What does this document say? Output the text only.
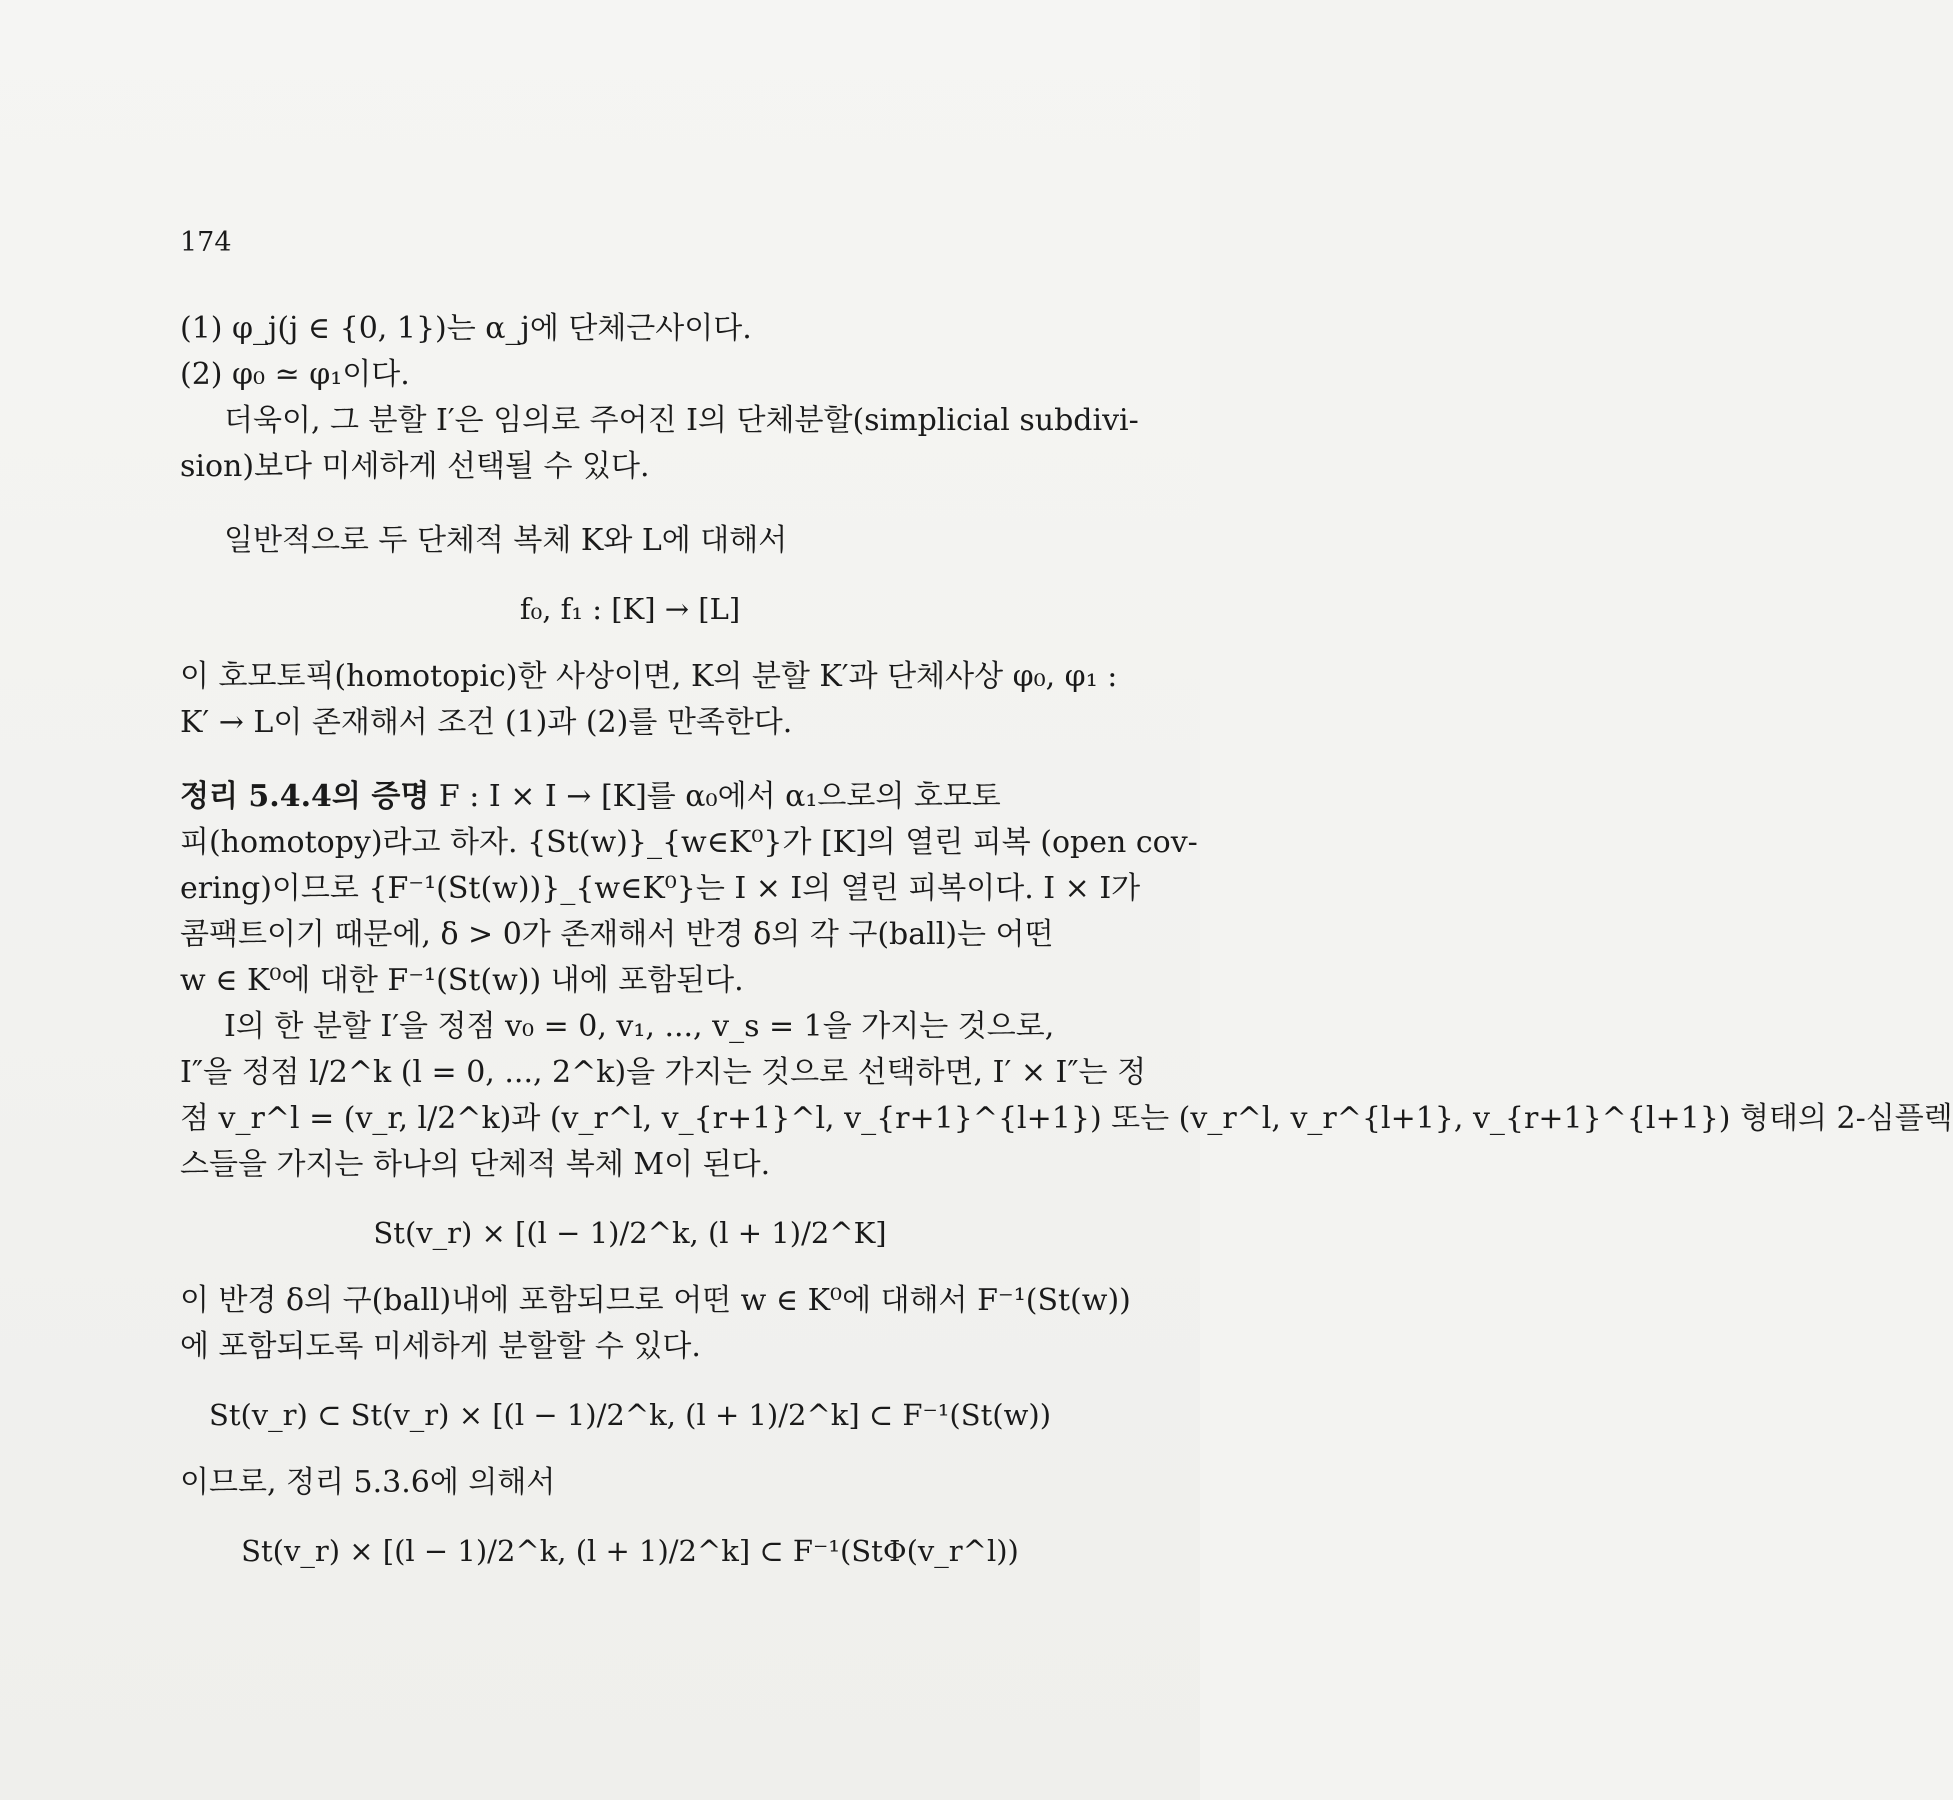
174
(1) φ_j(j ∈ {0, 1})는 α_j에 단체근사이다.
(2) φ₀ ≃ φ₁이다.
더욱이, 그 분할 I′은 임의로 주어진 I의 단체분할(simplicial subdivi-
sion)보다 미세하게 선택될 수 있다.
일반적으로 두 단체적 복체 K와 L에 대해서
f₀, f₁ : [K] → [L]
이 호모토픽(homotopic)한 사상이면, K의 분할 K′과 단체사상 φ₀, φ₁ :
K′ → L이 존재해서 조건 (1)과 (2)를 만족한다.
정리 5.4.4의 증명 F : I × I → [K]를 α₀에서 α₁으로의 호모토
피(homotopy)라고 하자. {St(w)}_{w∈K⁰}가 [K]의 열린 피복 (open cov-
ering)이므로 {F⁻¹(St(w))}_{w∈K⁰}는 I × I의 열린 피복이다. I × I가
콤팩트이기 때문에, δ > 0가 존재해서 반경 δ의 각 구(ball)는 어떤
w ∈ K⁰에 대한 F⁻¹(St(w)) 내에 포함된다.
I의 한 분할 I′을 정점 v₀ = 0, v₁, ..., v_s = 1을 가지는 것으로,
I″을 정점 l/2^k (l = 0, ..., 2^k)을 가지는 것으로 선택하면, I′ × I″는 정
점 v_r^l = (v_r, l/2^k)과 (v_r^l, v_{r+1}^l, v_{r+1}^{l+1}) 또는 (v_r^l, v_r^{l+1}, v_{r+1}^{l+1}) 형태의 2-심플렉
스들을 가지는 하나의 단체적 복체 M이 된다.
St(v_r) × [(l − 1)/2^k, (l + 1)/2^K]
이 반경 δ의 구(ball)내에 포함되므로 어떤 w ∈ K⁰에 대해서 F⁻¹(St(w))
에 포함되도록 미세하게 분할할 수 있다.
St(v_r) ⊂ St(v_r) × [(l − 1)/2^k, (l + 1)/2^k] ⊂ F⁻¹(St(w))
이므로, 정리 5.3.6에 의해서
St(v_r) × [(l − 1)/2^k, (l + 1)/2^k] ⊂ F⁻¹(StΦ(v_r^l))
